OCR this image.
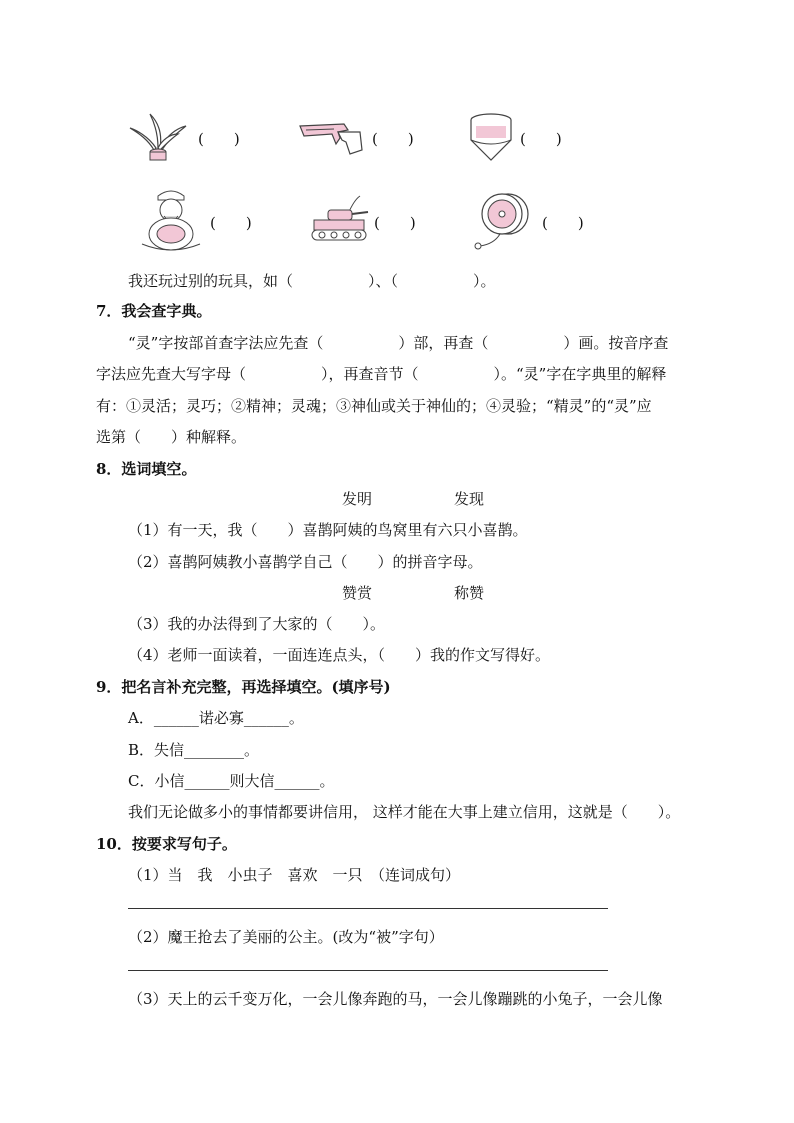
(　　)	(　　)	(　　)
(　　)	(　　)	(　　)
我还玩过别的玩具，如（　　　　　）、（　　　　　）。
7．我会查字典。
“灵”字按部首查字法应先查（　　　　　）部，再查（　　　　　）画。按音序查
字法应先查大写字母（　　　　　），再查音节（　　　　　）。“灵”字在字典里的解释
有：①灵活；灵巧；②精神；灵魂；③神仙或关于神仙的；④灵验；“精灵”的“灵”应
选第（　　）种解释。
8．选词填空。
发明	发现
（1）有一天，我（　　）喜鹊阿姨的鸟窝里有六只小喜鹊。
（2）喜鹊阿姨教小喜鹊学自己（　　）的拼音字母。
赞赏	称赞
（3）我的办法得到了大家的（　　）。
（4）老师一面读着，一面连连点头，（　　）我的作文写得好。
9．把名言补充完整，再选择填空。(填序号)
A．______诺必寡______。
B．失信________。
C．小信______则大信______。
我们无论做多小的事情都要讲信用， 这样才能在大事上建立信用，这就是（　　）。
10．按要求写句子。
（1）当　我　小虫子　喜欢　一只　（连词成句）
（2）魔王抢去了美丽的公主。(改为“被”字句）
（3）天上的云千变万化，一会儿像奔跑的马，一会儿像蹦跳的小兔子，一会儿像
